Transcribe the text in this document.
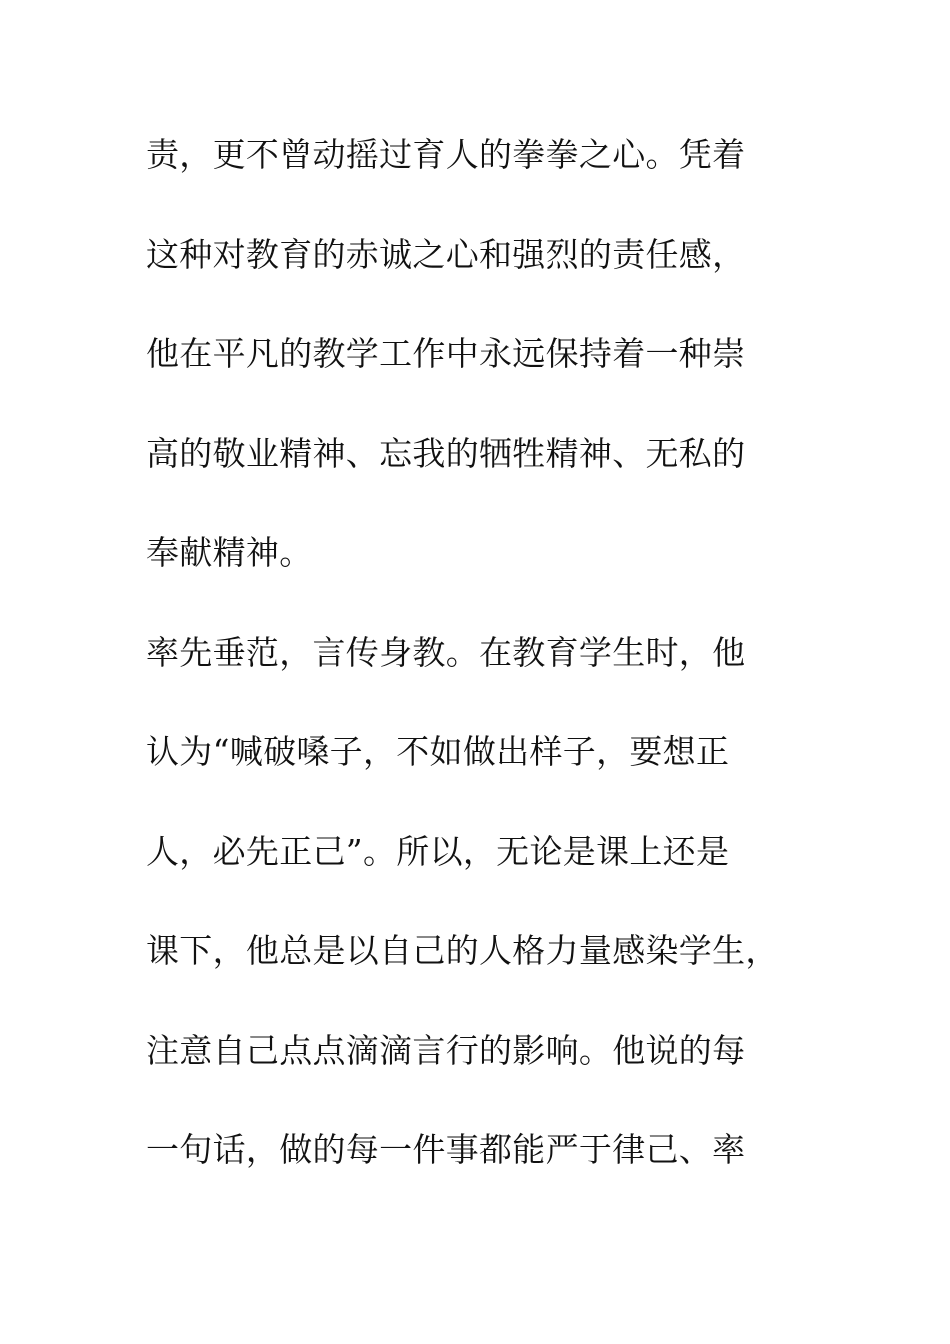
责，更不曾动摇过育人的拳拳之心。凭着
这种对教育的赤诚之心和强烈的责任感，
他在平凡的教学工作中永远保持着一种崇
高的敬业精神、忘我的牺牲精神、无私的
奉献精神。
率先垂范，言传身教。在教育学生时，他
认为“喊破嗓子，不如做出样子，要想正
人，必先正己”。所以，无论是课上还是
课下，他总是以自己的人格力量感染学生，
注意自己点点滴滴言行的影响。他说的每
一句话，做的每一件事都能严于律己、率
